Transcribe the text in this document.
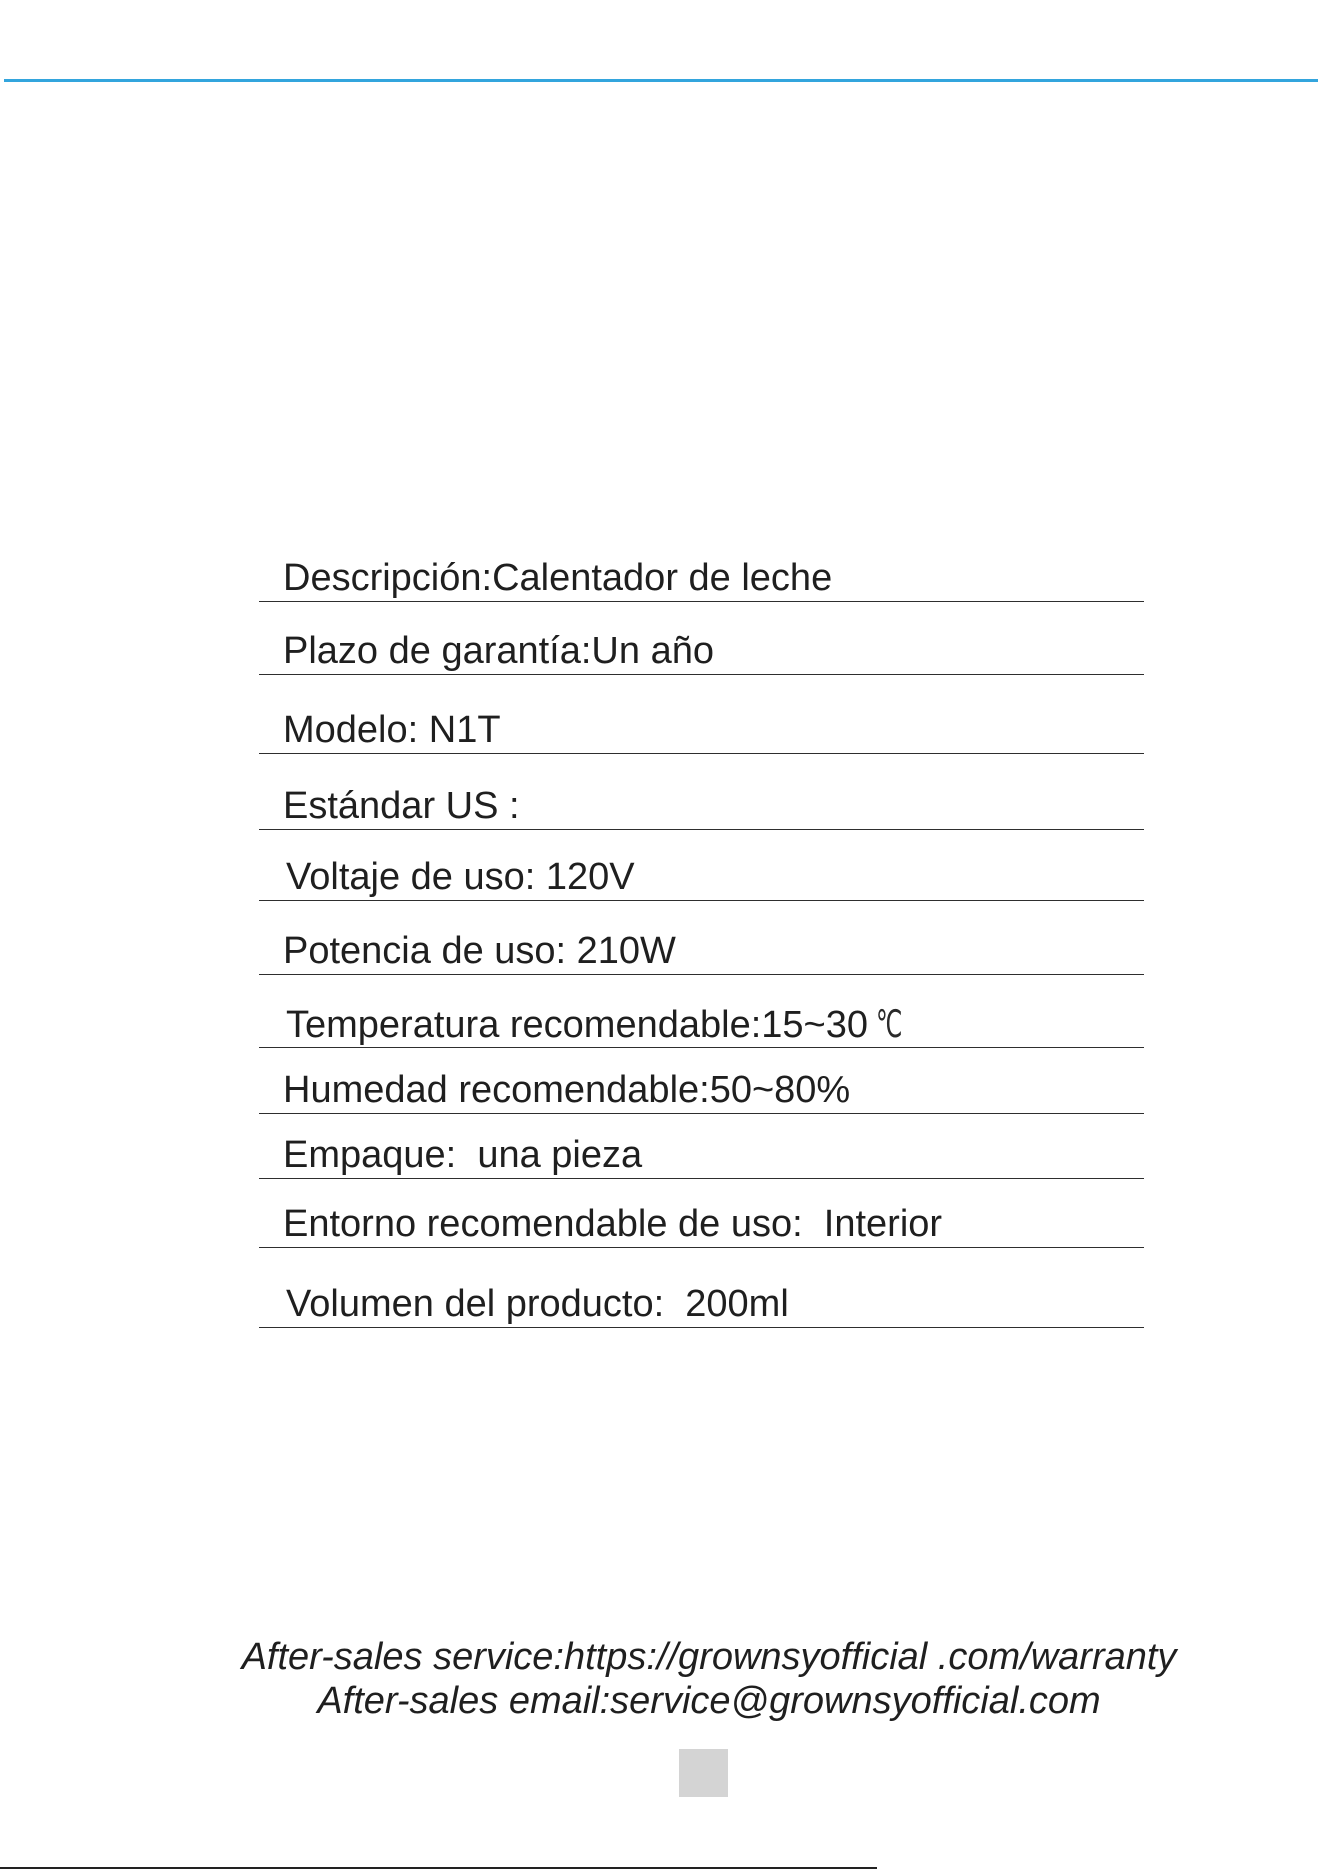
Descripción:Calentador de leche
Plazo de garantía:Un año
Modelo: N1T
Estándar US :
Voltaje de uso: 120V
Potencia de uso: 210W
Temperatura recomendable:15~30 ℃
Humedad recomendable:50~80%
Empaque:  una pieza
Entorno recomendable de uso:  Interior
Volumen del producto:  200ml
After-sales service:https://grownsyofficial .com/warranty
After-sales email:service@grownsyofficial.com
